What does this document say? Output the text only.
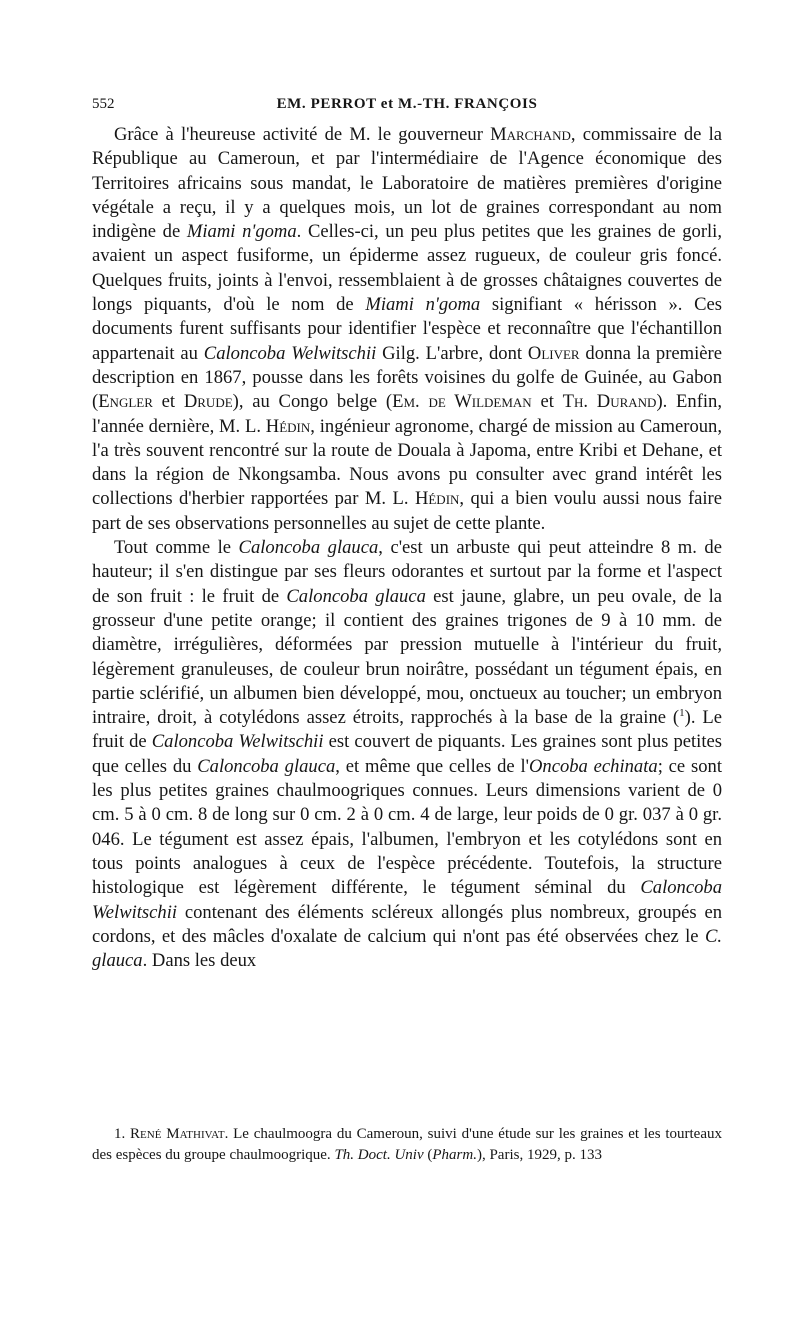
552	EM. PERROT et M.-TH. FRANÇOIS

Grâce à l'heureuse activité de M. le gouverneur Marchand, commissaire de la République au Cameroun, et par l'intermédiaire de l'Agence économique des Territoires africains sous mandat, le Laboratoire de matières premières d'origine végétale a reçu, il y a quelques mois, un lot de graines correspondant au nom indigène de Miami n'goma. Celles-ci, un peu plus petites que les graines de gorli, avaient un aspect fusiforme, un épiderme assez rugueux, de couleur gris foncé. Quelques fruits, joints à l'envoi, ressemblaient à de grosses châtaignes couvertes de longs piquants, d'où le nom de Miami n'goma signifiant « hérisson ». Ces documents furent suffisants pour identifier l'espèce et reconnaître que l'échantillon appartenait au Caloncoba Welwitschii Gilg. L'arbre, dont Oliver donna la première description en 1867, pousse dans les forêts voisines du golfe de Guinée, au Gabon (Engler et Drude), au Congo belge (Em. de Wildeman et Th. Durand). Enfin, l'année dernière, M. L. Hédin, ingénieur agronome, chargé de mission au Cameroun, l'a très souvent rencontré sur la route de Douala à Japoma, entre Kribi et Dehane, et dans la région de Nkongsamba. Nous avons pu consulter avec grand intérêt les collections d'herbier rapportées par M. L. Hédin, qui a bien voulu aussi nous faire part de ses observations personnelles au sujet de cette plante.

Tout comme le Caloncoba glauca, c'est un arbuste qui peut atteindre 8 m. de hauteur; il s'en distingue par ses fleurs odorantes et surtout par la forme et l'aspect de son fruit : le fruit de Caloncoba glauca est jaune, glabre, un peu ovale, de la grosseur d'une petite orange; il contient des graines trigones de 9 à 10 mm. de diamètre, irrégulières, déformées par pression mutuelle à l'intérieur du fruit, légèrement granuleuses, de couleur brun noirâtre, possédant un tégument épais, en partie sclérifié, un albumen bien développé, mou, onctueux au toucher; un embryon intraire, droit, à cotylédons assez étroits, rapprochés à la base de la graine ($^1$). Le fruit de Caloncoba Welwitschii est couvert de piquants. Les graines sont plus petites que celles du Caloncoba glauca, et même que celles de l'Oncoba echinata; ce sont les plus petites graines chaulmoogriques connues. Leurs dimensions varient de 0 cm. 5 à 0 cm. 8 de long sur 0 cm. 2 à 0 cm. 4 de large, leur poids de 0 gr. 037 à 0 gr. 046. Le tégument est assez épais, l'albumen, l'embryon et les cotylédons sont en tous points analogues à ceux de l'espèce précédente. Toutefois, la structure histologique est légèrement différente, le tégument séminal du Caloncoba Welwitschii contenant des éléments scléreux allongés plus nombreux, groupés en cordons, et des mâcles d'oxalate de calcium qui n'ont pas été observées chez le C. glauca. Dans les deux

1. René Mathivat. Le chaulmoogra du Cameroun, suivi d'une étude sur les graines et les tourteaux des espèces du groupe chaulmoogrique. Th. Doct. Univ (Pharm.), Paris, 1929, p. 133
